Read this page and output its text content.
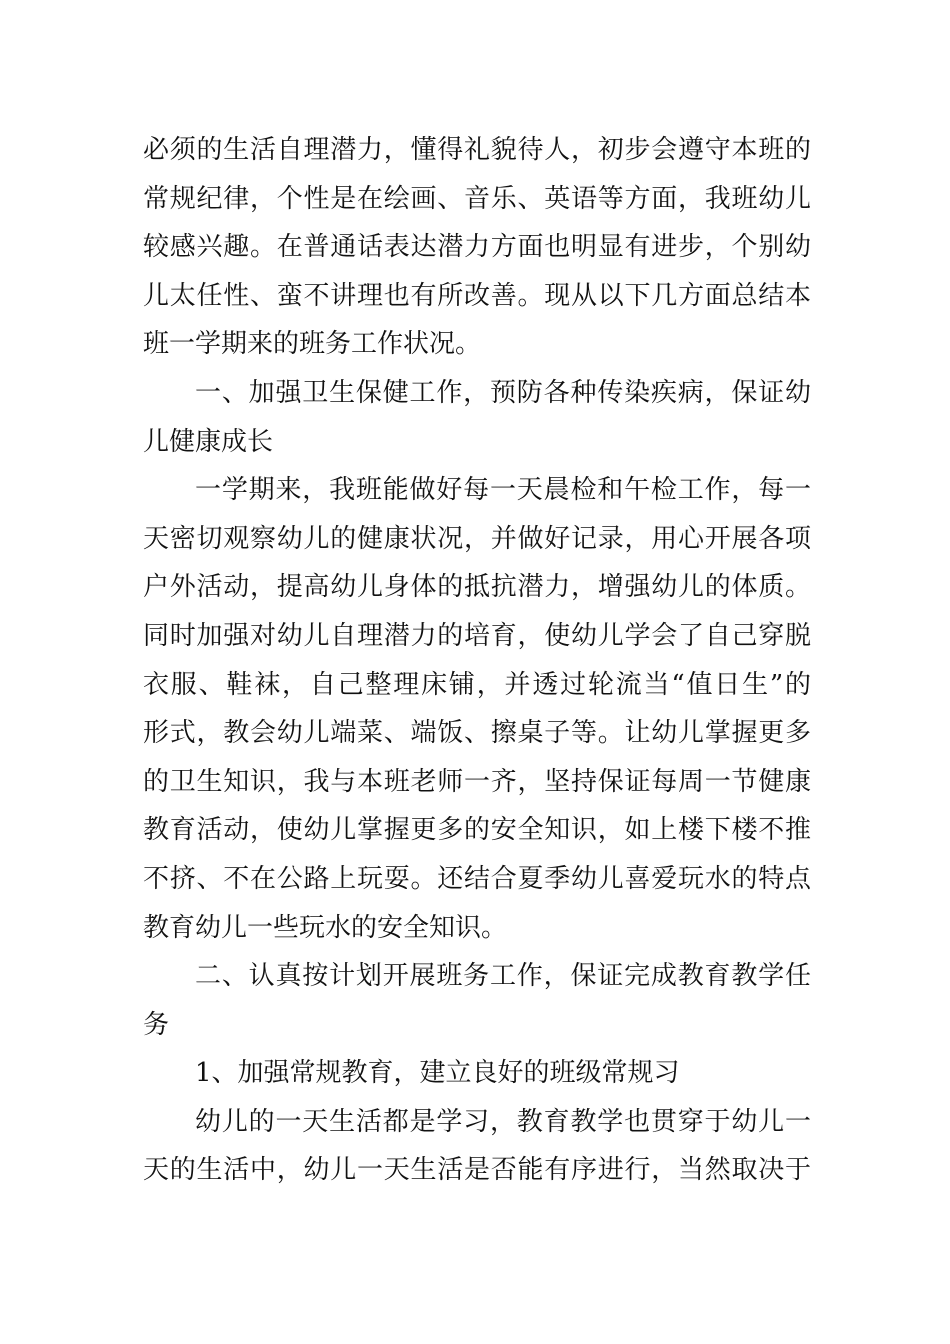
必须的生活自理潜力，懂得礼貌待人，初步会遵守本班的
常规纪律，个性是在绘画、音乐、英语等方面，我班幼儿
较感兴趣。在普通话表达潜力方面也明显有进步，个别幼
儿太任性、蛮不讲理也有所改善。现从以下几方面总结本
班一学期来的班务工作状况。
一、加强卫生保健工作，预防各种传染疾病，保证幼
儿健康成长
一学期来，我班能做好每一天晨检和午检工作，每一
天密切观察幼儿的健康状况，并做好记录，用心开展各项
户外活动，提高幼儿身体的抵抗潜力，增强幼儿的体质。
同时加强对幼儿自理潜力的培育，使幼儿学会了自己穿脱
衣服、鞋袜，自己整理床铺，并透过轮流当“值日生”的
形式，教会幼儿端菜、端饭、擦桌子等。让幼儿掌握更多
的卫生知识，我与本班老师一齐，坚持保证每周一节健康
教育活动，使幼儿掌握更多的安全知识，如上楼下楼不推
不挤、不在公路上玩耍。还结合夏季幼儿喜爱玩水的特点
教育幼儿一些玩水的安全知识。
二、认真按计划开展班务工作，保证完成教育教学任
务
1、加强常规教育，建立良好的班级常规习
幼儿的一天生活都是学习，教育教学也贯穿于幼儿一
天的生活中，幼儿一天生活是否能有序进行，当然取决于
